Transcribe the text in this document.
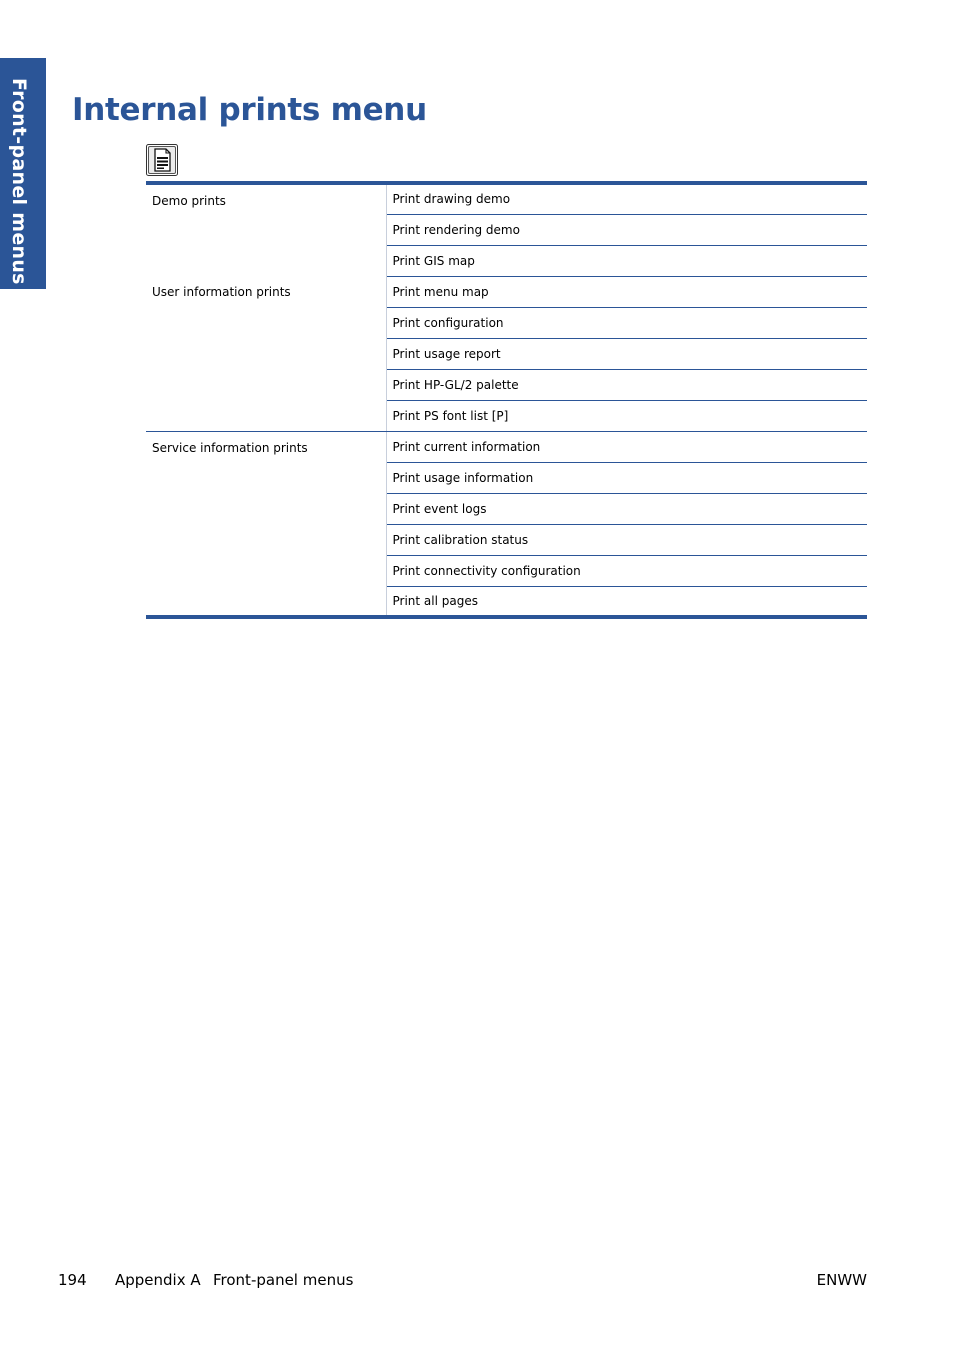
Front-panel menus Internal prints menu
Demo prints	Print drawing demo
	Print rendering demo
	Print GIS map
User information prints	Print menu map
	Print configuration
	Print usage report
	Print HP-GL/2 palette
	Print PS font list [P]
Service information prints	Print current information
	Print usage information
	Print event logs
	Print calibration status
	Print connectivity configuration
	Print all pages
194 Appendix A Front-panel menus	ENWW
